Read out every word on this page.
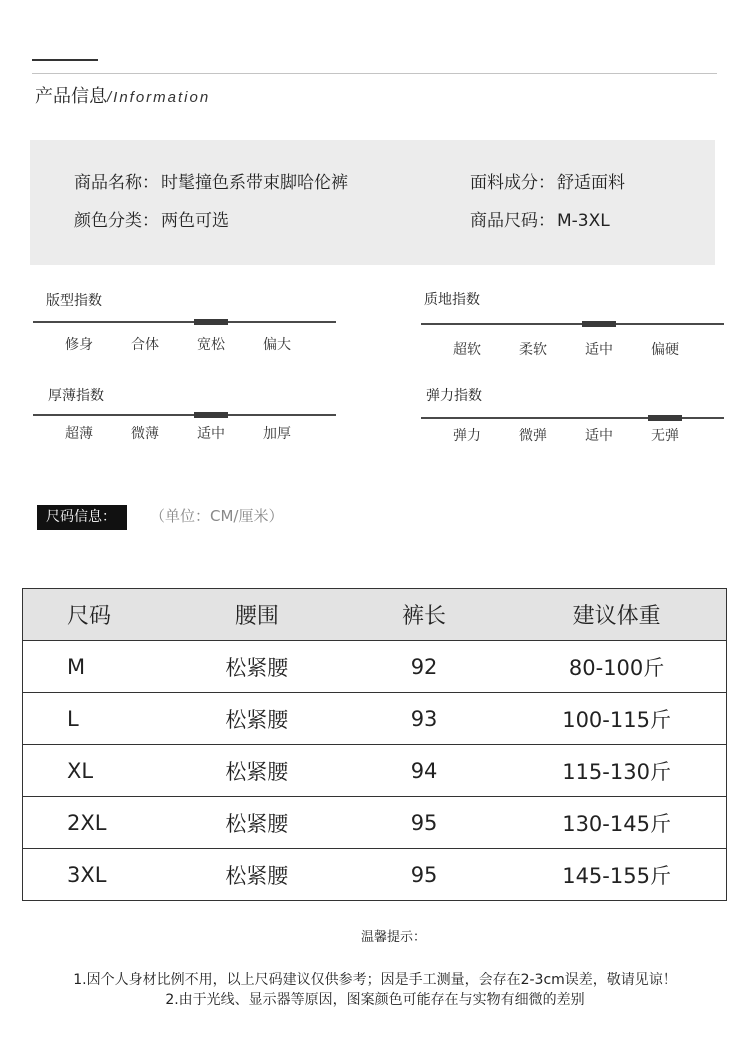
产品信息/Information
商品名称： 时髦撞色系带束脚哈伦裤	面料成分： 舒适面料
颜色分类： 两色可选	商品尺码： M-3XL
版型指数
修身	合体	宽松	偏大
质地指数
超软	柔软	适中	偏硬
厚薄指数
超薄	微薄	适中	加厚
弹力指数
弹力	微弹	适中	无弹
尺码信息：	（单位：CM/厘米）
尺码	腰围	裤长	建议体重
M	松紧腰	92	80-100斤
L	松紧腰	93	100-115斤
XL	松紧腰	94	115-130斤
2XL	松紧腰	95	130-145斤
3XL	松紧腰	95	145-155斤
温馨提示：
1.因个人身材比例不用，以上尺码建议仅供参考；因是手工测量，会存在2-3cm误差，敬请见谅！
2.由于光线、显示器等原因，图案颜色可能存在与实物有细微的差别
